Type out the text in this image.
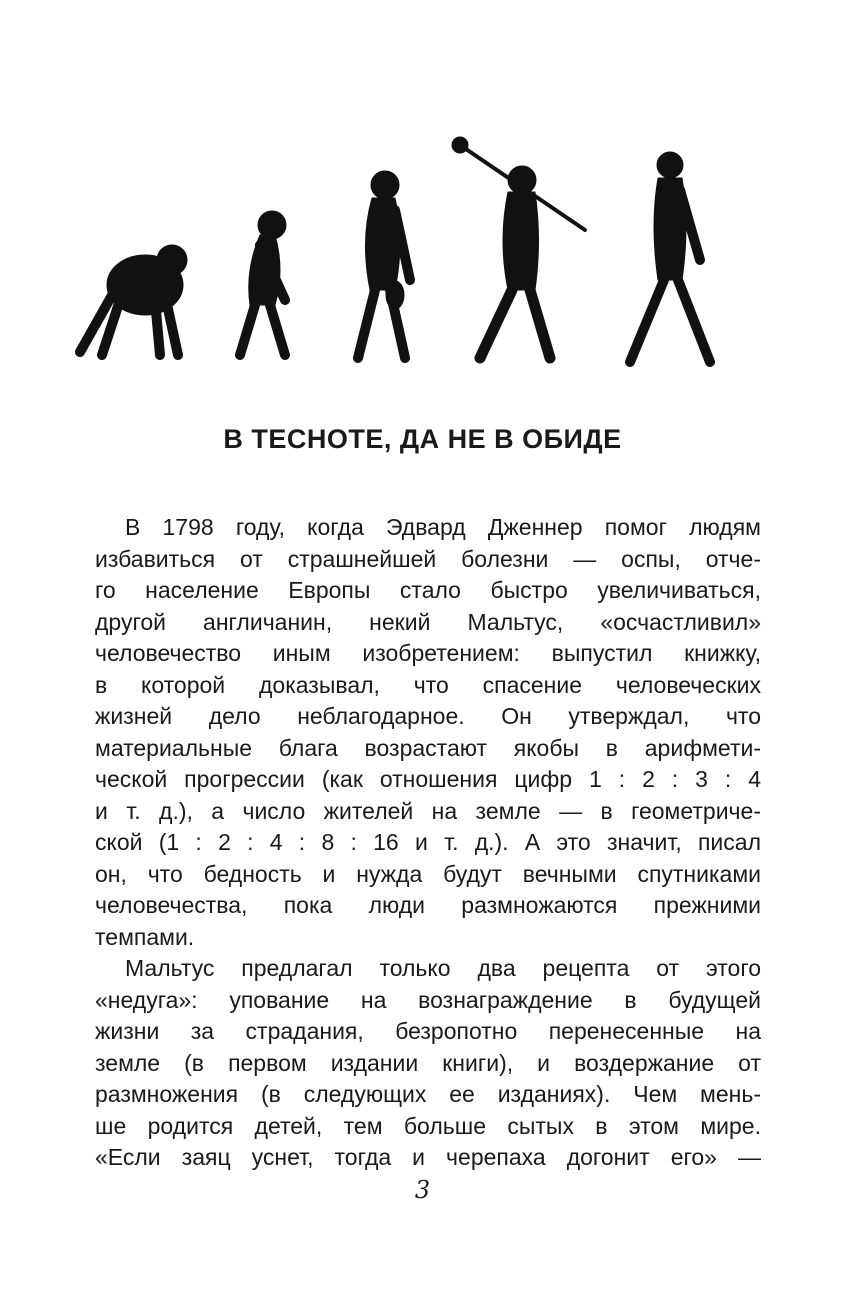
В ТЕСНОТЕ, ДА НЕ В ОБИДЕ
В 1798 году, когда Эдвард Дженнер помог людям
избавиться от страшнейшей болезни — оспы, отче-
го население Европы стало быстро увеличиваться,
другой англичанин, некий Мальтус, «осчастливил»
человечество иным изобретением: выпустил книжку,
в которой доказывал, что спасение человеческих
жизней дело неблагодарное. Он утверждал, что
материальные блага возрастают якобы в арифмети-
ческой прогрессии (как отношения цифр 1 : 2 : 3 : 4
и т. д.), а число жителей на земле — в геометриче-
ской (1 : 2 : 4 : 8 : 16 и т. д.). А это значит, писал
он, что бедность и нужда будут вечными спутниками
человечества, пока люди размножаются прежними
темпами.
Мальтус предлагал только два рецепта от этого
«недуга»: упование на вознаграждение в будущей
жизни за страдания, безропотно перенесенные на
земле (в первом издании книги), и воздержание от
размножения (в следующих ее изданиях). Чем мень-
ше родится детей, тем больше сытых в этом мире.
«Если заяц уснет, тогда и черепаха догонит его» —
3
